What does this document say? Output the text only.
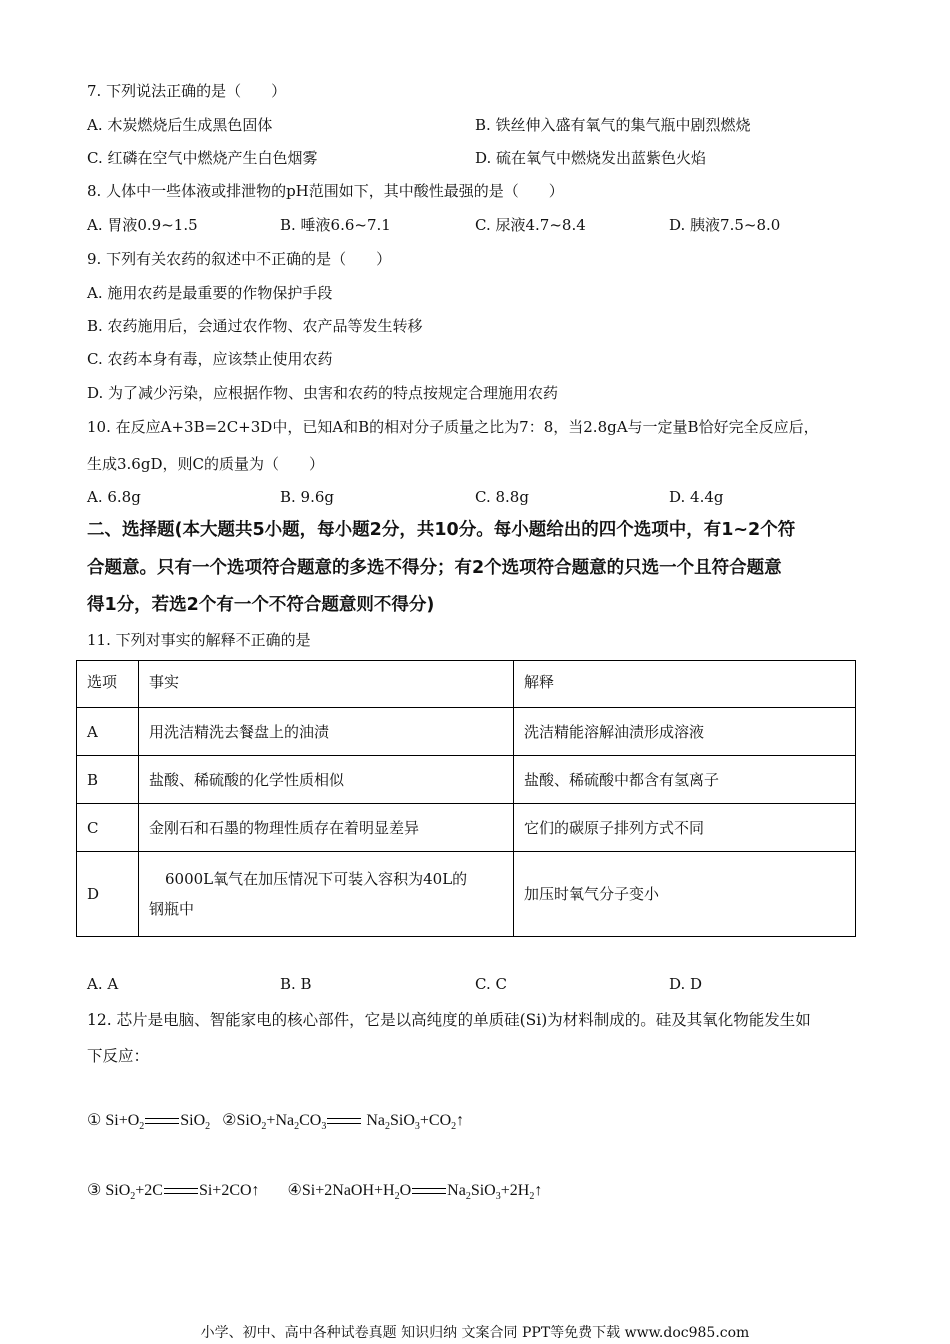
7. 下列说法正确的是（　　）
A. 木炭燃烧后生成黑色固体	B. 铁丝伸入盛有氧气的集气瓶中剧烈燃烧
C. 红磷在空气中燃烧产生白色烟雾	D. 硫在氧气中燃烧发出蓝紫色火焰
8. 人体中一些体液或排泄物的pH范围如下，其中酸性最强的是（　　）
A. 胃液0.9~1.5	B. 唾液6.6~7.1	C. 尿液4.7~8.4	D. 胰液7.5~8.0
9. 下列有关农药的叙述中不正确的是（　　）
A. 施用农药是最重要的作物保护手段
B. 农药施用后，会通过农作物、农产品等发生转移
C. 农药本身有毒，应该禁止使用农药
D. 为了减少污染，应根据作物、虫害和农药的特点按规定合理施用农药
10. 在反应A+3B=2C+3D中，已知A和B的相对分子质量之比为7：8，当2.8gA与一定量B恰好完全反应后，
生成3.6gD，则C的质量为（　　）
A. 6.8g	B. 9.6g	C. 8.8g	D. 4.4g
二、选择题(本大题共5小题，每小题2分，共10分。每小题给出的四个选项中，有1~2个符
合题意。只有一个选项符合题意的多选不得分；有2个选项符合题意的只选一个且符合题意
得1分，若选2个有一个不符合题意则不得分)
11. 下列对事实的解释不正确的是
选项	事实	解释
A	用洗洁精洗去餐盘上的油渍	洗洁精能溶解油渍形成溶液
B	盐酸、稀硫酸的化学性质相似	盐酸、稀硫酸中都含有氢离子
C	金刚石和石墨的物理性质存在着明显差异	它们的碳原子排列方式不同
D	6000L氧气在加压情况下可装入容积为40L的
钢瓶中	加压时氧气分子变小
A. A	B. B	C. C	D. D
12. 芯片是电脑、智能家电的核心部件，它是以高纯度的单质硅(Si)为材料制成的。硅及其氧化物能发生如
下反应：
① $Si+O_2$ SiO$_2$   $②SiO_2+Na_2CO_3$ $Na_2SiO_3+CO_2↑$
③ SiO$_2$+2C Si+2CO↑       $④Si+2NaOH+H_2O$ $Na_2SiO_3+2H_2↑$
小学、初中、高中各种试卷真题 知识归纳 文案合同 PPT等免费下载 www.doc985.com
